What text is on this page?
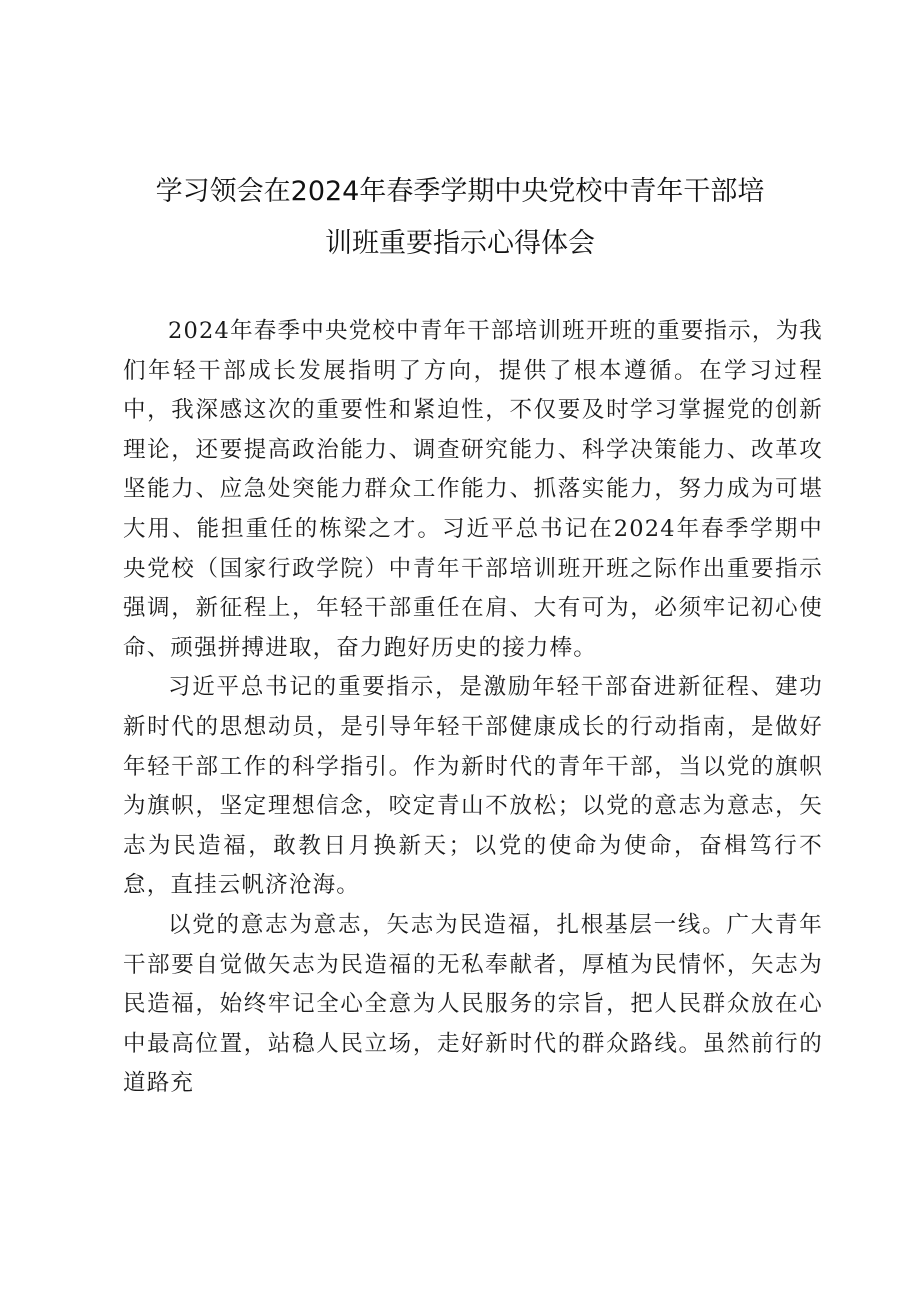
学习领会在2024年春季学期中央党校中青年干部培
训班重要指示心得体会

2024年春季中央党校中青年干部培训班开班的重要指示，为我们年轻干部成长发展指明了方向，提供了根本遵循。在学习过程中，我深感这次的重要性和紧迫性，不仅要及时学习掌握党的创新理论，还要提高政治能力、调查研究能力、科学决策能力、改革攻坚能力、应急处突能力群众工作能力、抓落实能力，努力成为可堪大用、能担重任的栋梁之才。习近平总书记在2024年春季学期中央党校（国家行政学院）中青年干部培训班开班之际作出重要指示强调，新征程上，年轻干部重任在肩、大有可为，必须牢记初心使命、顽强拼搏进取，奋力跑好历史的接力棒。

习近平总书记的重要指示，是激励年轻干部奋进新征程、建功新时代的思想动员，是引导年轻干部健康成长的行动指南，是做好年轻干部工作的科学指引。作为新时代的青年干部，当以党的旗帜为旗帜，坚定理想信念，咬定青山不放松；以党的意志为意志，矢志为民造福，敢教日月换新天；以党的使命为使命，奋楫笃行不怠，直挂云帆济沧海。

以党的意志为意志，矢志为民造福，扎根基层一线。广大青年干部要自觉做矢志为民造福的无私奉献者，厚植为民情怀，矢志为民造福，始终牢记全心全意为人民服务的宗旨，把人民群众放在心中最高位置，站稳人民立场，走好新时代的群众路线。虽然前行的道路充
